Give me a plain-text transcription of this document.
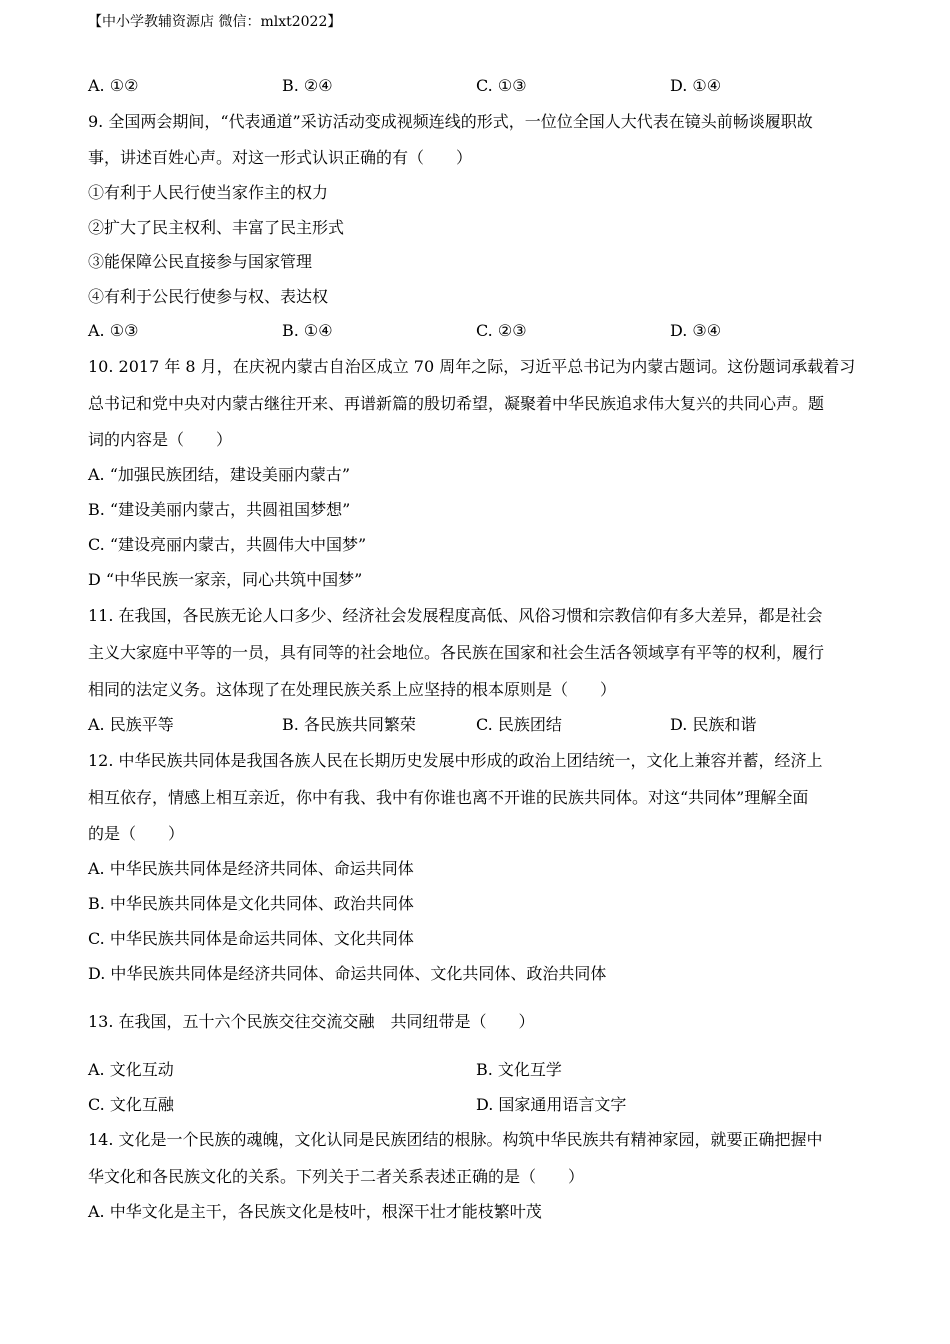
【中小学教辅资源店 微信：mlxt2022】
A. ①②	B. ②④	C. ①③	D. ①④
9. 全国两会期间，“代表通道”采访活动变成视频连线的形式，一位位全国人大代表在镜头前畅谈履职故
事，讲述百姓心声。对这一形式认识正确的有（　　）
①有利于人民行使当家作主的权力
②扩大了民主权利、丰富了民主形式
③能保障公民直接参与国家管理
④有利于公民行使参与权、表达权
A. ①③	B. ①④	C. ②③	D. ③④
10. 2017 年 8 月，在庆祝内蒙古自治区成立 70 周年之际，习近平总书记为内蒙古题词。这份题词承载着习
总书记和党中央对内蒙古继往开来、再谱新篇的殷切希望，凝聚着中华民族追求伟大复兴的共同心声。题
词的内容是（　　）
A. “加强民族团结，建设美丽内蒙古”
B. “建设美丽内蒙古，共圆祖国梦想”
C. “建设亮丽内蒙古，共圆伟大中国梦”
D “中华民族一家亲，同心共筑中国梦”
11. 在我国，各民族无论人口多少、经济社会发展程度高低、风俗习惯和宗教信仰有多大差异，都是社会
主义大家庭中平等的一员，具有同等的社会地位。各民族在国家和社会生活各领域享有平等的权利，履行
相同的法定义务。这体现了在处理民族关系上应坚持的根本原则是（　　）
A. 民族平等	B. 各民族共同繁荣	C. 民族团结	D. 民族和谐
12. 中华民族共同体是我国各族人民在长期历史发展中形成的政治上团结统一，文化上兼容并蓄，经济上
相互依存，情感上相互亲近，你中有我、我中有你谁也离不开谁的民族共同体。对这“共同体”理解全面
的是（　　）
A. 中华民族共同体是经济共同体、命运共同体
B. 中华民族共同体是文化共同体、政治共同体
C. 中华民族共同体是命运共同体、文化共同体
D. 中华民族共同体是经济共同体、命运共同体、文化共同体、政治共同体
13. 在我国，五十六个民族交往交流交融　共同纽带是（　　）
A. 文化互动	B. 文化互学
C. 文化互融	D. 国家通用语言文字
14. 文化是一个民族的魂魄，文化认同是民族团结的根脉。构筑中华民族共有精神家园，就要正确把握中
华文化和各民族文化的关系。下列关于二者关系表述正确的是（　　）
A. 中华文化是主干，各民族文化是枝叶，根深干壮才能枝繁叶茂
